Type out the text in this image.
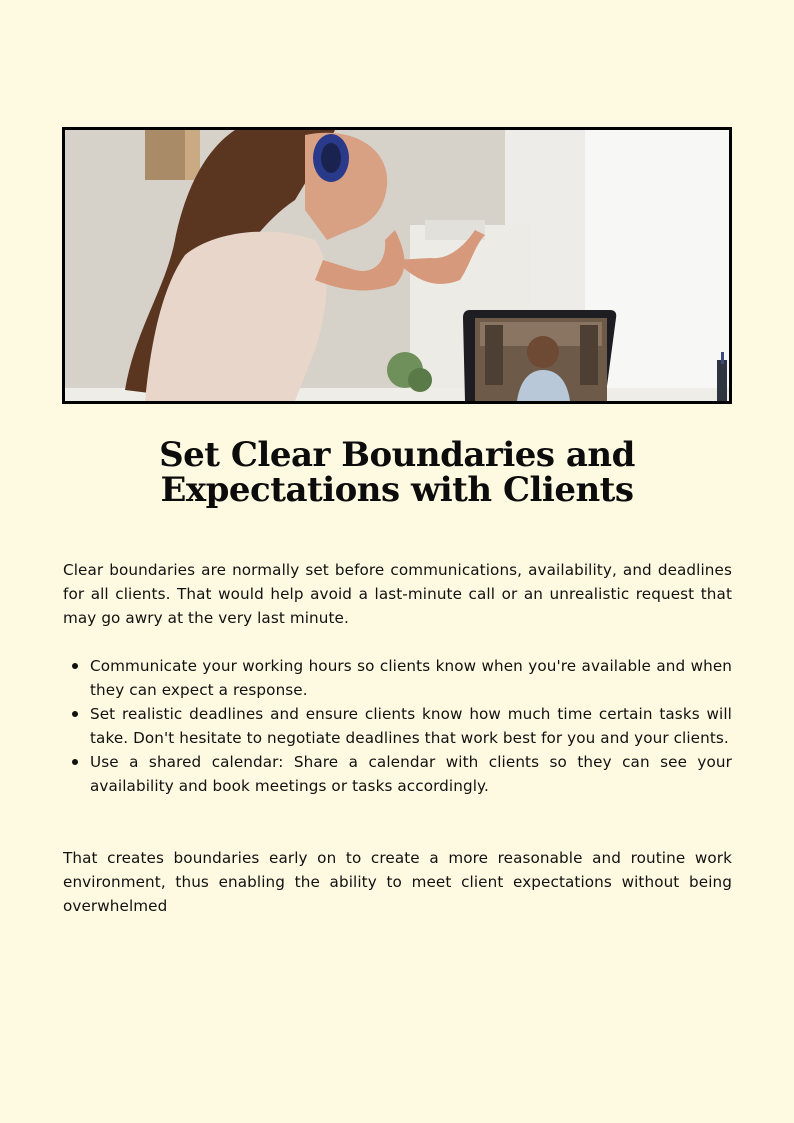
Set Clear Boundaries and Expectations with Clients

Clear boundaries are normally set before communications, availability, and deadlines for all clients. That would help avoid a last-minute call or an unrealistic request that may go awry at the very last minute.

Communicate your working hours so clients know when you're available and when they can expect a response.
Set realistic deadlines and ensure clients know how much time certain tasks will take. Don't hesitate to negotiate deadlines that work best for you and your clients.
Use a shared calendar: Share a calendar with clients so they can see your availability and book meetings or tasks accordingly.

That creates boundaries early on to create a more reasonable and routine work environment, thus enabling the ability to meet client expectations without being overwhelmed
